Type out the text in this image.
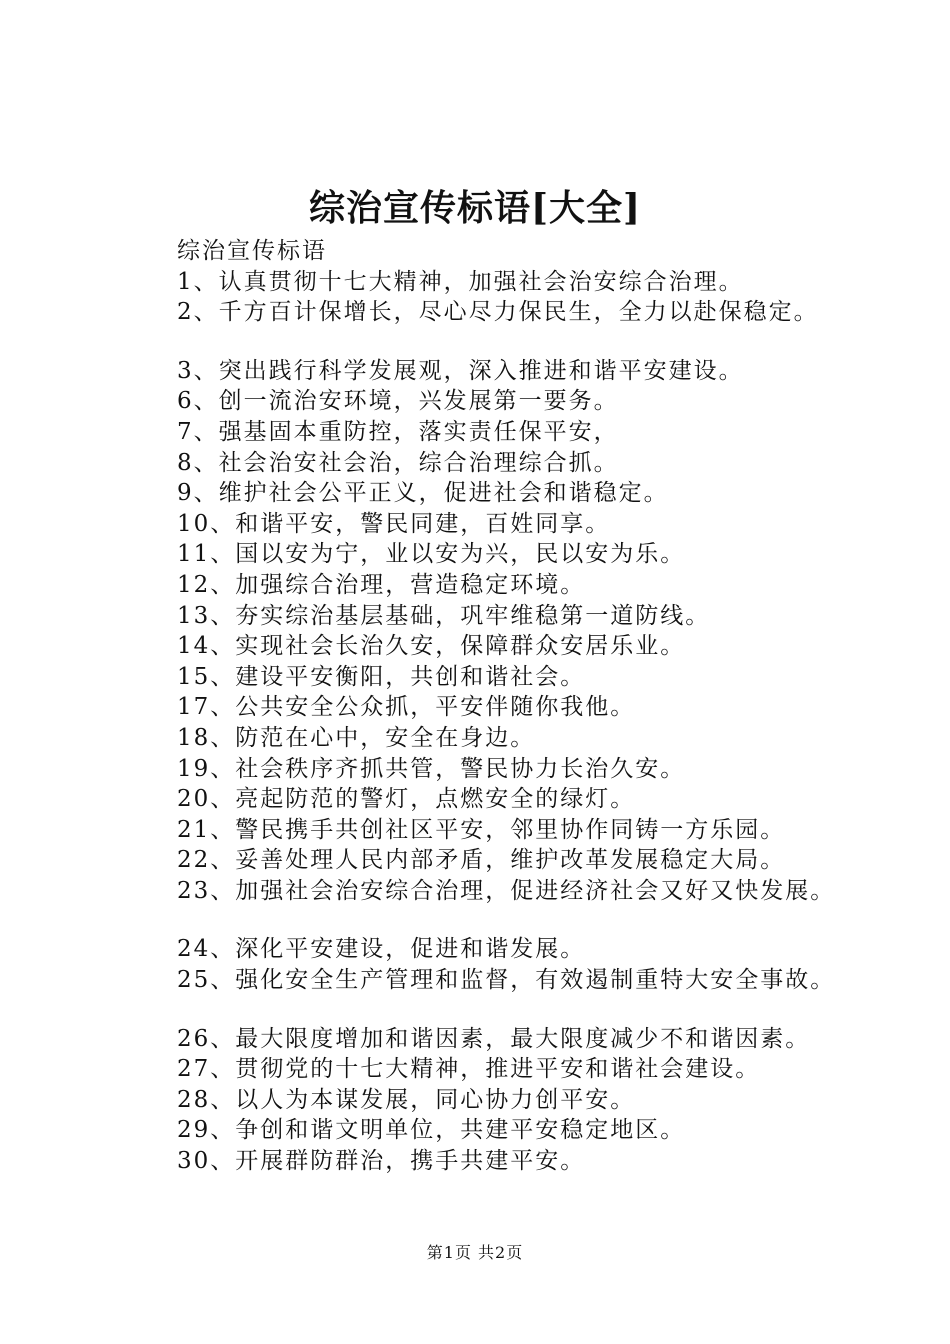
综治宣传标语[大全]
综治宣传标语
1、认真贯彻十七大精神，加强社会治安综合治理。
2、千方百计保增长，尽心尽力保民生，全力以赴保稳定。
3、突出践行科学发展观，深入推进和谐平安建设。
6、创一流治安环境，兴发展第一要务。
7、强基固本重防控，落实责任保平安，
8、社会治安社会治，综合治理综合抓。
9、维护社会公平正义，促进社会和谐稳定。
10、和谐平安，警民同建，百姓同享。
11、国以安为宁，业以安为兴，民以安为乐。
12、加强综合治理，营造稳定环境。
13、夯实综治基层基础，巩牢维稳第一道防线。
14、实现社会长治久安，保障群众安居乐业。
15、建设平安衡阳，共创和谐社会。
17、公共安全公众抓，平安伴随你我他。
18、防范在心中，安全在身边。
19、社会秩序齐抓共管，警民协力长治久安。
20、亮起防范的警灯，点燃安全的绿灯。
21、警民携手共创社区平安，邻里协作同铸一方乐园。
22、妥善处理人民内部矛盾，维护改革发展稳定大局。
23、加强社会治安综合治理，促进经济社会又好又快发展。
24、深化平安建设，促进和谐发展。
25、强化安全生产管理和监督，有效遏制重特大安全事故。
26、最大限度增加和谐因素，最大限度减少不和谐因素。
27、贯彻党的十七大精神，推进平安和谐社会建设。
28、以人为本谋发展，同心协力创平安。
29、争创和谐文明单位，共建平安稳定地区。
30、开展群防群治，携手共建平安。
第1页 共2页
